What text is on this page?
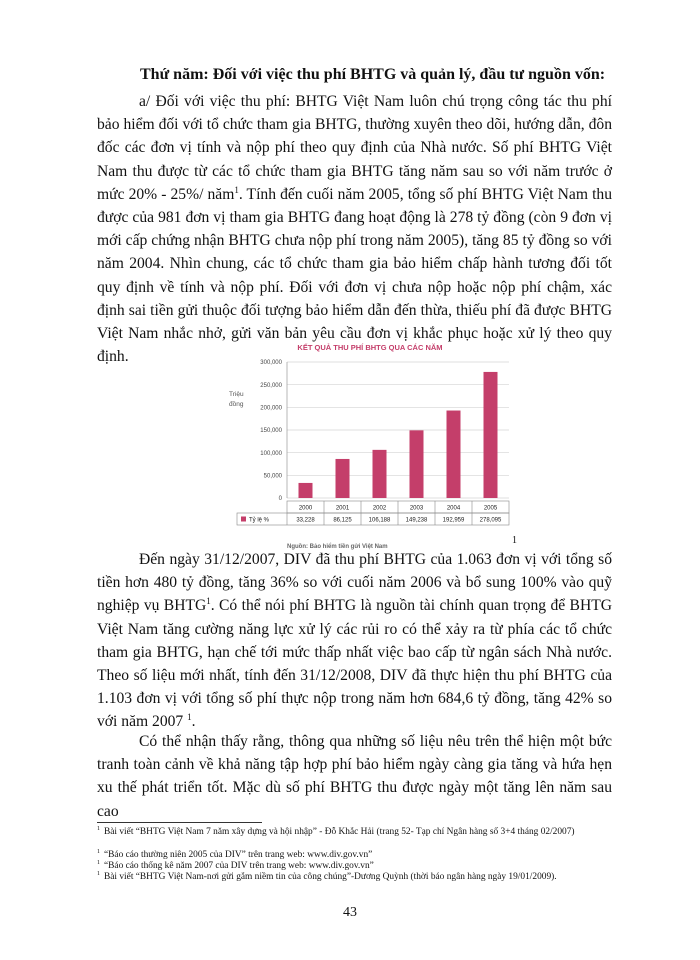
Thứ năm: Đối với việc thu phí BHTG và quản lý, đầu tư nguồn vốn:

a/ Đối với việc thu phí: BHTG Việt Nam luôn chú trọng công tác thu phí bảo hiểm đối với tổ chức tham gia BHTG, thường xuyên theo dõi, hướng dẫn, đôn đốc các đơn vị tính và nộp phí theo quy định của Nhà nước. Số phí BHTG Việt Nam thu được từ các tổ chức tham gia BHTG tăng năm sau so với năm trước ở mức 20% - 25%/ năm$^1$. Tính đến cuối năm 2005, tổng số phí BHTG Việt Nam thu được của 981 đơn vị tham gia BHTG đang hoạt động là 278 tỷ đồng (còn 9 đơn vị mới cấp chứng nhận BHTG chưa nộp phí trong năm 2005), tăng 85 tỷ đồng so với năm 2004. Nhìn chung, các tổ chức tham gia bảo hiểm chấp hành tương đối tốt quy định về tính và nộp phí. Đối với đơn vị chưa nộp hoặc nộp phí chậm, xác định sai tiền gửi thuộc đối tượng bảo hiểm dẫn đến thừa, thiếu phí đã được BHTG Việt Nam nhắc nhở, gửi văn bản yêu cầu đơn vị khắc phục hoặc xử lý theo quy định.

KẾT QUẢ THU PHÍ BHTG QUA CÁC NĂM
Triệu
đồng
0
50,000
100,000
150,000
200,000
250,000
300,000
Tỷ lệ %
2000
33,228
2001
86,125
2002
106,188
2003
149,238
2004
192,959
2005
278,095
Nguồn: Bảo hiểm tiền gửi Việt Nam
1

Đến ngày 31/12/2007, DIV đã thu phí BHTG của 1.063 đơn vị với tổng số tiền hơn 480 tỷ đồng, tăng 36% so với cuối năm 2006 và bổ sung 100% vào quỹ nghiệp vụ BHTG$^1$. Có thể nói phí BHTG là nguồn tài chính quan trọng để BHTG Việt Nam tăng cường năng lực xử lý các rủi ro có thể xảy ra từ phía các tổ chức tham gia BHTG, hạn chế tới mức thấp nhất việc bao cấp từ ngân sách Nhà nước. Theo số liệu mới nhất, tính đến 31/12/2008, DIV đã thực hiện thu phí BHTG của 1.103 đơn vị với tổng số phí thực nộp trong năm hơn 684,6 tỷ đồng, tăng 42% so với năm 2007 $^1$.

Có thể nhận thấy rằng, thông qua những số liệu nêu trên thể hiện một bức tranh toàn cảnh về khả năng tập hợp phí bảo hiểm ngày càng gia tăng và hứa hẹn xu thế phát triển tốt. Mặc dù số phí BHTG thu được ngày một tăng lên năm sau cao

$^1$ Bài viết “BHTG Việt Nam 7 năm xây dựng và hội nhập” - Đỗ Khắc Hải (trang 52- Tạp chí Ngân hàng số 3+4 tháng 02/2007)

$^1$ “Báo cáo thường niên 2005 của DIV” trên trang web: www.div.gov.vn”

$^1$ “Báo cáo thống kê năm 2007 của DIV trên trang web: www.div.gov.vn”

$^1$ Bài viết “BHTG Việt Nam-nơi gửi gắm niềm tin của công chúng”-Dương Quỳnh (thời báo ngân hàng ngày 19/01/2009).

43
